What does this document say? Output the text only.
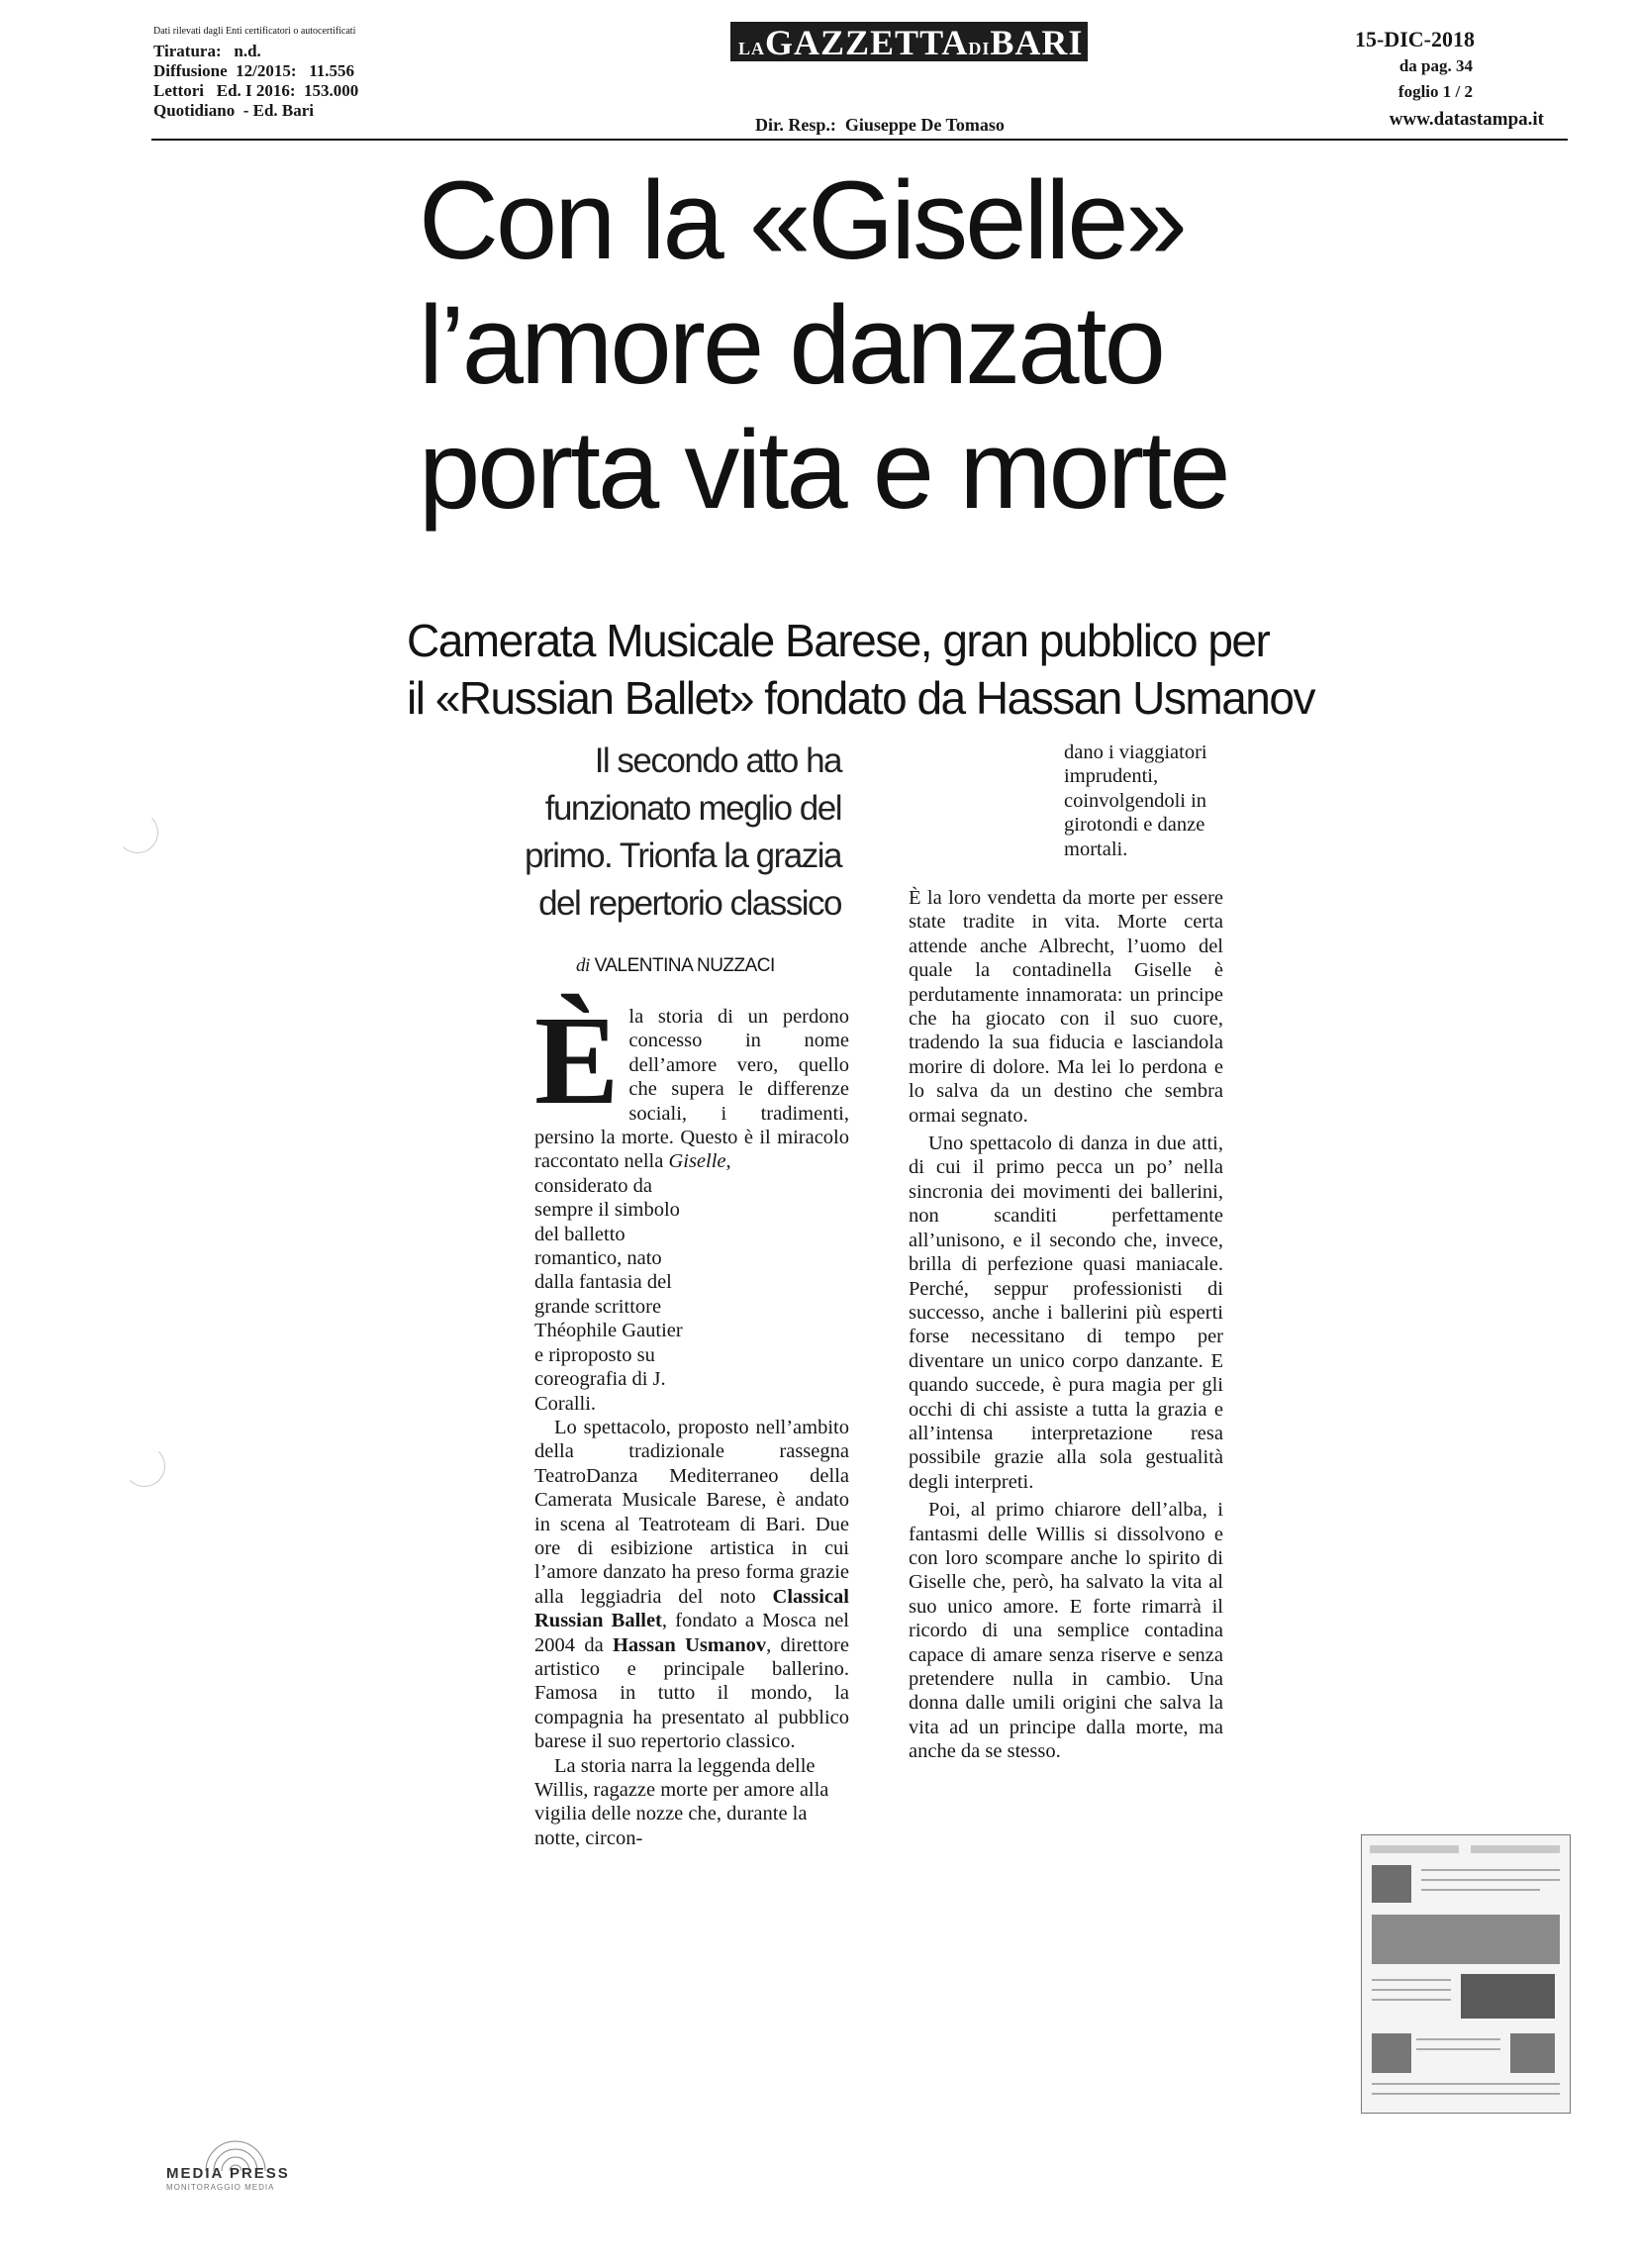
Dati rilevati dagli Enti certificatori o autocertificati
Tiratura:   n.d.
Diffusione  12/2015:   11.556
Lettori   Ed. I 2016:  153.000
Quotidiano  - Ed. Bari
LAGAZZETTADIBARI
Dir. Resp.:  Giuseppe De Tomaso
15-DIC-2018
da pag. 34
foglio 1 / 2
www.datastampa.it
Con la «Giselle»
l’amore danzato
porta vita e morte
Camerata Musicale Barese, gran pubblico per
il «Russian Ballet» fondato da Hassan Usmanov
Il secondo atto ha
funzionato meglio del
primo. Trionfa la grazia
del repertorio classico
di VALENTINA NUZZACI

È la storia di un perdono concesso in nome dell’amore vero, quello che supera le differenze sociali, i tradimenti, persino la morte. Questo è il miracolo raccontato nella Giselle,

considerato da sempre il simbolo del balletto romantico, nato dalla fantasia del grande scrittore Théophile Gautier e riproposto su coreografia di J. Coralli.

Lo spettacolo, proposto nell’ambito della tradizionale rassegna TeatroDanza Mediterraneo della Camerata Musicale Barese, è andato in scena al Teatroteam di Bari. Due ore di esibizione artistica in cui l’amore danzato ha preso forma grazie alla leggiadria del noto Classical Russian Ballet, fondato a Mosca nel 2004 da Hassan Usmanov, direttore artistico e principale ballerino. Famosa in tutto il mondo, la compagnia ha presentato al pubblico barese il suo repertorio classico.

La storia narra la leggenda delle Willis, ragazze morte per amore alla vigilia delle nozze che, durante la notte, circon-

dano i viaggiatori imprudenti, coinvolgendoli in girotondi e danze mortali.

È la loro vendetta da morte per essere state tradite in vita. Morte certa attende anche Albrecht, l’uomo del quale la contadinella Giselle è perdutamente innamorata: un principe che ha giocato con il suo cuore, tradendo la sua fiducia e lasciandola morire di dolore. Ma lei lo perdona e lo salva da un destino che sembra ormai segnato.

Uno spettacolo di danza in due atti, di cui il primo pecca un po’ nella sincronia dei movimenti dei ballerini, non scanditi perfettamente all’unisono, e il secondo che, invece, brilla di perfezione quasi maniacale. Perché, seppur professionisti di successo, anche i ballerini più esperti forse necessitano di tempo per diventare un unico corpo danzante. E quando succede, è pura magia per gli occhi di chi assiste a tutta la grazia e all’intensa interpretazione resa possibile grazie alla sola gestualità degli interpreti.

Poi, al primo chiarore dell’alba, i fantasmi delle Willis si dissolvono e con loro scompare anche lo spirito di Giselle che, però, ha salvato la vita al suo unico amore. E forte rimarrà il ricordo di una semplice contadina capace di amare senza riserve e senza pretendere nulla in cambio. Una donna dalle umili origini che salva la vita ad un principe dalla morte, ma anche da se stesso.

MEDIA PRESS
MONITORAGGIO MEDIA
